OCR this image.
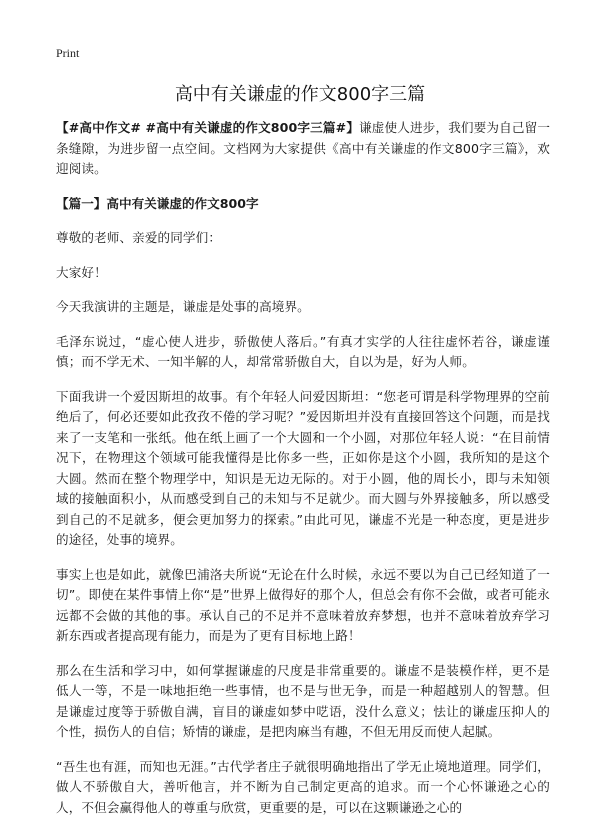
Print
高中有关谦虚的作文800字三篇

【#高中作文# #高中有关谦虚的作文800字三篇#】谦虚使人进步，我们要为自己留一条缝隙，为进步留一点空间。文档网为大家提供《高中有关谦虚的作文800字三篇》，欢迎阅读。

【篇一】高中有关谦虚的作文800字

尊敬的老师、亲爱的同学们：

大家好！

今天我演讲的主题是，谦虚是处事的高境界。

毛泽东说过，“虚心使人进步，骄傲使人落后。”有真才实学的人往往虚怀若谷，谦虚谨慎；而不学无术、一知半解的人，却常常骄傲自大，自以为是，好为人师。

下面我讲一个爱因斯坦的故事。有个年轻人问爱因斯坦：“您老可谓是科学物理界的空前绝后了，何必还要如此孜孜不倦的学习呢？”爱因斯坦并没有直接回答这个问题，而是找来了一支笔和一张纸。他在纸上画了一个大圆和一个小圆，对那位年轻人说：“在目前情况下，在物理这个领域可能我懂得是比你多一些，正如你是这个小圆，我所知的是这个大圆。然而在整个物理学中，知识是无边无际的。对于小圆，他的周长小，即与未知领域的接触面积小，从而感受到自己的未知与不足就少。而大圆与外界接触多，所以感受到自己的不足就多，便会更加努力的探索。”由此可见，谦虚不光是一种态度，更是进步的途径，处事的境界。

事实上也是如此，就像巴浦洛夫所说“无论在什么时候，永远不要以为自己已经知道了一切”。即使在某件事情上你“是”世界上做得好的那个人，但总会有你不会做，或者可能永远都不会做的其他的事。承认自己的不足并不意味着放弃梦想，也并不意味着放弃学习新东西或者提高现有能力，而是为了更有目标地上路！

那么在生活和学习中，如何掌握谦虚的尺度是非常重要的。谦虚不是装模作样，更不是低人一等，不是一味地拒绝一些事情，也不是与世无争，而是一种超越别人的智慧。但是谦虚过度等于骄傲自满，盲目的谦虚如梦中呓语，没什么意义；怯让的谦虚压抑人的个性，损伤人的自信；矫情的谦虚，是把肉麻当有趣，不但无用反而使人起腻。

“吾生也有涯，而知也无涯。”古代学者庄子就很明确地指出了学无止境地道理。同学们，做人不骄傲自大，善听他言，并不断为自己制定更高的追求。而一个心怀谦逊之心的人，不但会赢得他人的尊重与欣赏，更重要的是，可以在这颗谦逊之心的
